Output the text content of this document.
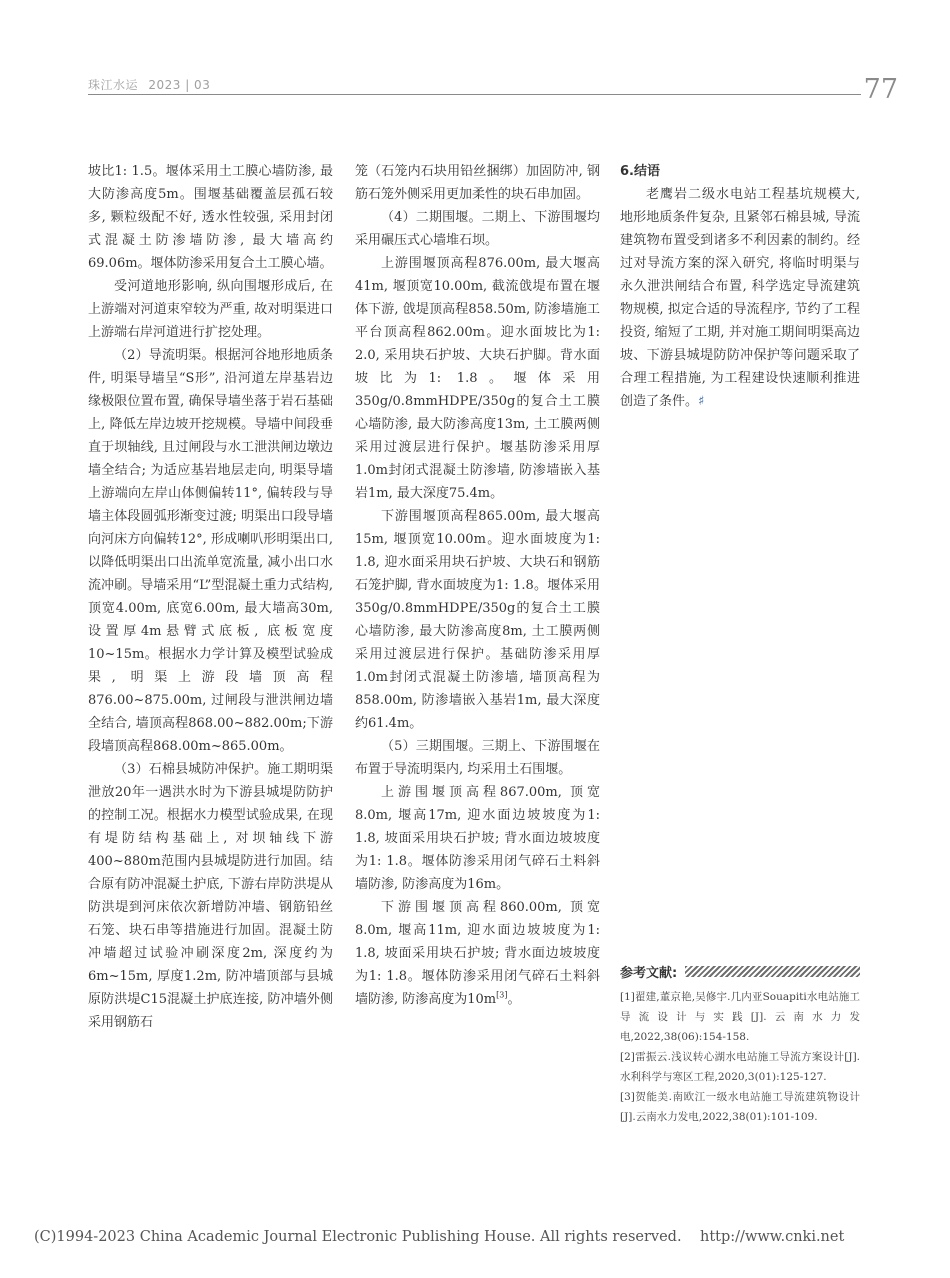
珠江水运 2023 | 03	77

坡比1: 1.5。堰体采用土工膜心墙防渗, 最大防渗高度5m。围堰基础覆盖层孤石较多, 颗粒级配不好, 透水性较强, 采用封闭式混凝土防渗墙防渗, 最大墙高约69.06m。堰体防渗采用复合土工膜心墙。

受河道地形影响, 纵向围堰形成后, 在上游端对河道束窄较为严重, 故对明渠进口上游端右岸河道进行扩挖处理。

（2）导流明渠。根据河谷地形地质条件, 明渠导墙呈“S形”, 沿河道左岸基岩边缘极限位置布置, 确保导墙坐落于岩石基础上, 降低左岸边坡开挖规模。导墙中间段垂直于坝轴线, 且过闸段与水工泄洪闸边墩边墙全结合; 为适应基岩地层走向, 明渠导墙上游端向左岸山体侧偏转11°, 偏转段与导墙主体段圆弧形渐变过渡; 明渠出口段导墙向河床方向偏转12°, 形成喇叭形明渠出口, 以降低明渠出口出流单宽流量, 减小出口水流冲刷。导墙采用“L”型混凝土重力式结构, 顶宽4.00m, 底宽6.00m, 最大墙高30m,设置厚4m悬臂式底板, 底板宽度10~15m。根据水力学计算及模型试验成果, 明渠上游段墙顶高程876.00~875.00m, 过闸段与泄洪闸边墙全结合, 墙顶高程868.00~882.00m;下游段墙顶高程868.00m~865.00m。

（3）石棉县城防冲保护。施工期明渠泄放20年一遇洪水时为下游县城堤防防护的控制工况。根据水力模型试验成果, 在现有堤防结构基础上, 对坝轴线下游400~880m范围内县城堤防进行加固。结合原有防冲混凝土护底, 下游右岸防洪堤从防洪堤到河床依次新增防冲墙、钢筋铅丝石笼、块石串等措施进行加固。混凝土防冲墙超过试验冲刷深度2m, 深度约为6m~15m, 厚度1.2m, 防冲墙顶部与县城原防洪堤C15混凝土护底连接, 防冲墙外侧采用钢筋石

笼（石笼内石块用铅丝捆绑）加固防冲, 钢筋石笼外侧采用更加柔性的块石串加固。

（4）二期围堰。二期上、下游围堰均采用碾压式心墙堆石坝。

上游围堰顶高程876.00m, 最大堰高41m, 堰顶宽10.00m, 截流戗堤布置在堰体下游, 戗堤顶高程858.50m, 防渗墙施工平台顶高程862.00m。迎水面坡比为1: 2.0, 采用块石护坡、大块石护脚。背水面坡比为1: 1.8。堰体采用350g/0.8mmHDPE/350g的复合土工膜心墙防渗, 最大防渗高度13m, 土工膜两侧采用过渡层进行保护。堰基防渗采用厚1.0m封闭式混凝土防渗墙, 防渗墙嵌入基岩1m, 最大深度75.4m。

下游围堰顶高程865.00m, 最大堰高15m, 堰顶宽10.00m。迎水面坡度为1: 1.8, 迎水面采用块石护坡、大块石和钢筋石笼护脚, 背水面坡度为1: 1.8。堰体采用350g/0.8mmHDPE/350g的复合土工膜心墙防渗, 最大防渗高度8m, 土工膜两侧采用过渡层进行保护。基础防渗采用厚1.0m封闭式混凝土防渗墙, 墙顶高程为858.00m, 防渗墙嵌入基岩1m, 最大深度约61.4m。

（5）三期围堰。三期上、下游围堰在布置于导流明渠内, 均采用土石围堰。

上游围堰顶高程867.00m, 顶宽8.0m, 堰高17m, 迎水面边坡坡度为1: 1.8, 坡面采用块石护坡; 背水面边坡坡度为1: 1.8。堰体防渗采用闭气碎石土料斜墙防渗, 防渗高度为16m。

下游围堰顶高程860.00m, 顶宽8.0m, 堰高11m, 迎水面边坡坡度为1: 1.8, 坡面采用块石护坡; 背水面边坡坡度为1: 1.8。堰体防渗采用闭气碎石土料斜墙防渗, 防渗高度为10m[3]。

6.结语

老鹰岩二级水电站工程基坑规模大, 地形地质条件复杂, 且紧邻石棉县城, 导流建筑物布置受到诸多不利因素的制约。经过对导流方案的深入研究, 将临时明渠与永久泄洪闸结合布置, 科学选定导流建筑物规模, 拟定合适的导流程序, 节约了工程投资, 缩短了工期, 并对施工期间明渠高边坡、下游县城堤防防冲保护等问题采取了合理工程措施, 为工程建设快速顺利推进创造了条件。♯

参考文献:

[1]翟建,董京艳,吴修宇.几内亚Souapiti水电站施工导流设计与实践[J].云南水力发电,2022,38(06):154-158.

[2]雷振云.浅议转心湖水电站施工导流方案设计[J].水利科学与寒区工程,2020,3(01):125-127.

[3]贺能美.南欧江一级水电站施工导流建筑物设计[J].云南水力发电,2022,38(01):101-109.

(C)1994-2023 China Academic Journal Electronic Publishing House. All rights reserved. http://www.cnki.net
